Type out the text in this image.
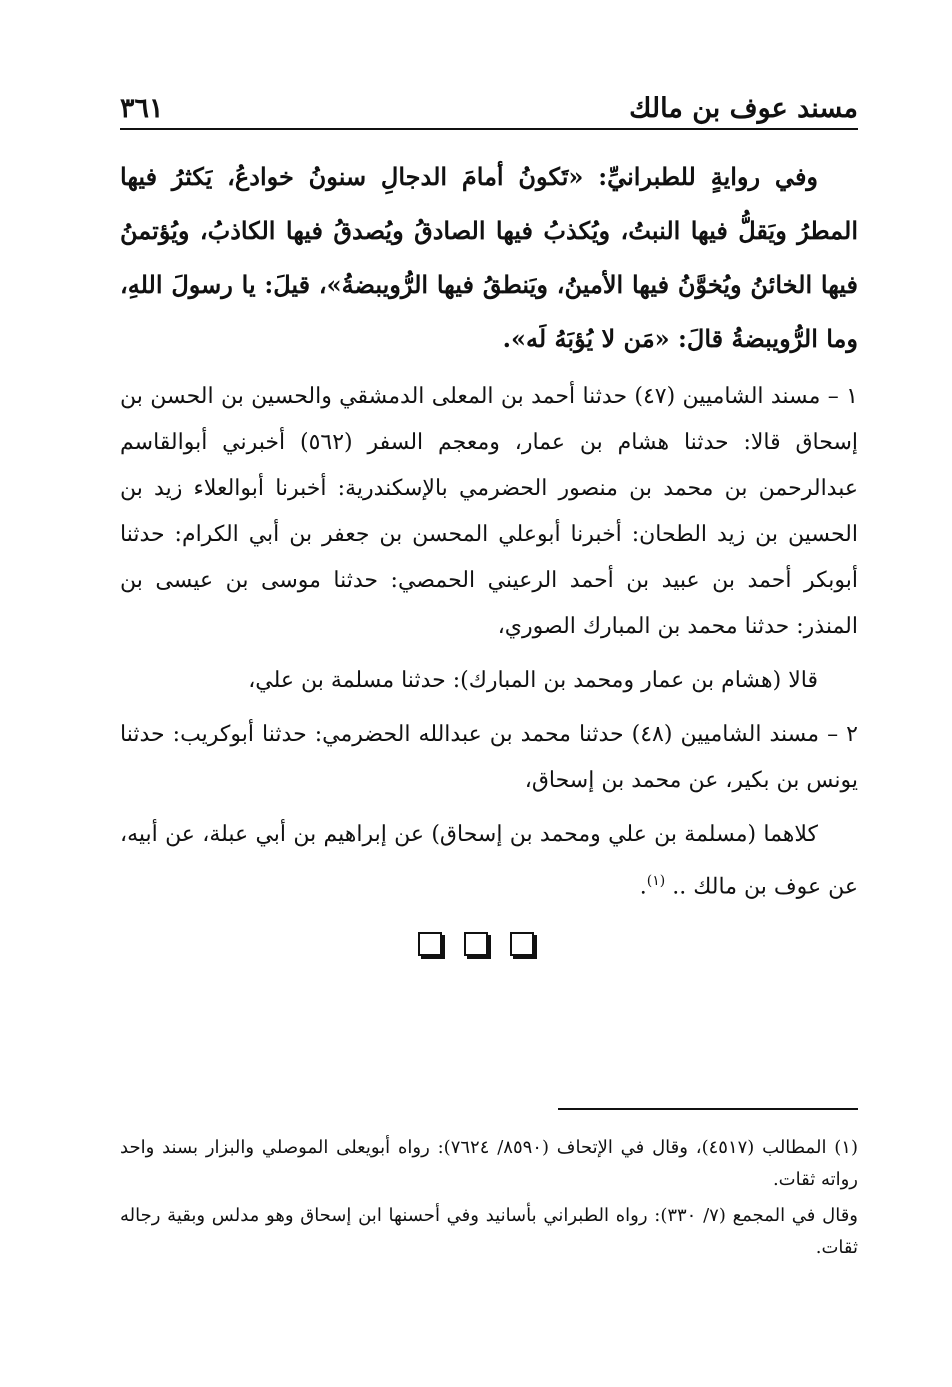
مسند عوف بن مالك
٣٦١

وفي روايةٍ للطبرانيِّ: «تَكونُ أمامَ الدجالِ سنونُ خوادعُ، يَكثرُ فيها المطرُ ويَقلُّ فيها النبتُ، ويُكذبُ فيها الصادقُ ويُصدقُ فيها الكاذبُ، ويُؤتمنُ فيها الخائنُ ويُخوَّنُ فيها الأمينُ، ويَنطقُ فيها الرُّويبضةُ»، قيلَ: يا رسولَ اللهِ، وما الرُّويبضةُ قالَ: «مَن لا يُؤبَهُ لَه».

١ – مسند الشاميين (٤٧) حدثنا أحمد بن المعلى الدمشقي والحسين بن الحسن بن إسحاق قالا: حدثنا هشام بن عمار، ومعجم السفر (٥٦٢) أخبرني أبوالقاسم عبدالرحمن بن محمد بن منصور الحضرمي بالإسكندرية: أخبرنا أبوالعلاء زيد بن الحسين بن زيد الطحان: أخبرنا أبوعلي المحسن بن جعفر بن أبي الكرام: حدثنا أبوبكر أحمد بن عبيد بن أحمد الرعيني الحمصي: حدثنا موسى بن عيسى بن المنذر: حدثنا محمد بن المبارك الصوري،

قالا (هشام بن عمار ومحمد بن المبارك): حدثنا مسلمة بن علي،

٢ – مسند الشاميين (٤٨) حدثنا محمد بن عبدالله الحضرمي: حدثنا أبوكريب: حدثنا يونس بن بكير، عن محمد بن إسحاق،

كلاهما (مسلمة بن علي ومحمد بن إسحاق) عن إبراهيم بن أبي عبلة، عن أبيه، عن عوف بن مالك .. $^{(١)}$.

(١) المطالب (٤٥١٧)، وقال في الإتحاف (٨٥٩٠/ ٧٦٢٤): رواه أبويعلى الموصلي والبزار بسند واحد رواته ثقات.

وقال في المجمع (٧/ ٣٣٠): رواه الطبراني بأسانيد وفي أحسنها ابن إسحاق وهو مدلس وبقية رجاله ثقات.
